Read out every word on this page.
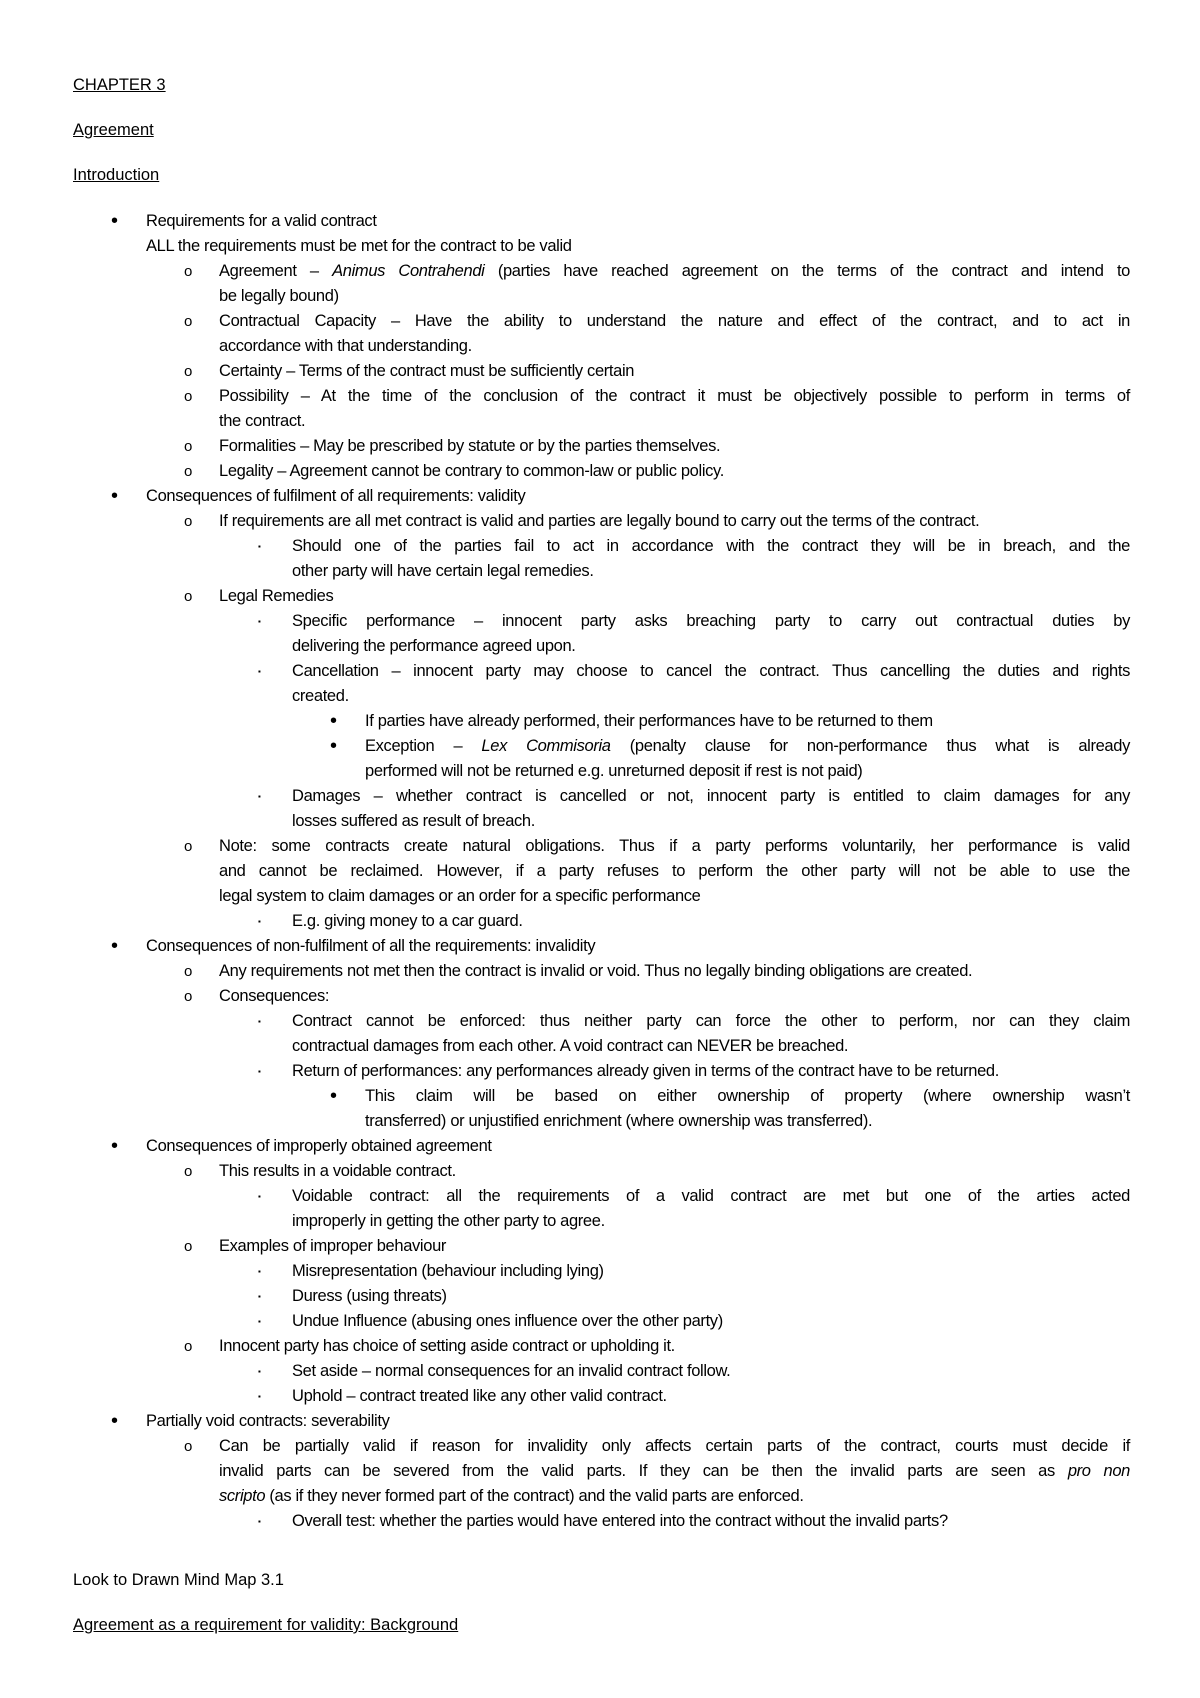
CHAPTER 3
Agreement
Introduction
• Requirements for a valid contract
ALL the requirements must be met for the contract to be valid
o Agreement – Animus Contrahendi (parties have reached agreement on the terms of the contract and intend to
be legally bound)
o Contractual Capacity – Have the ability to understand the nature and effect of the contract, and to act in
accordance with that understanding.
o Certainty – Terms of the contract must be sufficiently certain
o Possibility – At the time of the conclusion of the contract it must be objectively possible to perform in terms of
the contract.
o Formalities – May be prescribed by statute or by the parties themselves.
o Legality – Agreement cannot be contrary to common-law or public policy.
• Consequences of fulfilment of all requirements: validity
o If requirements are all met contract is valid and parties are legally bound to carry out the terms of the contract.
▪ Should one of the parties fail to act in accordance with the contract they will be in breach, and the
other party will have certain legal remedies.
o Legal Remedies
▪ Specific performance – innocent party asks breaching party to carry out contractual duties by
delivering the performance agreed upon.
▪ Cancellation – innocent party may choose to cancel the contract. Thus cancelling the duties and rights
created.
• If parties have already performed, their performances have to be returned to them
• Exception – Lex Commisoria (penalty clause for non-performance thus what is already
performed will not be returned e.g. unreturned deposit if rest is not paid)
▪ Damages – whether contract is cancelled or not, innocent party is entitled to claim damages for any
losses suffered as result of breach.
o Note: some contracts create natural obligations. Thus if a party performs voluntarily, her performance is valid
and cannot be reclaimed. However, if a party refuses to perform the other party will not be able to use the
legal system to claim damages or an order for a specific performance
▪ E.g. giving money to a car guard.
• Consequences of non-fulfilment of all the requirements: invalidity
o Any requirements not met then the contract is invalid or void. Thus no legally binding obligations are created.
o Consequences:
▪ Contract cannot be enforced: thus neither party can force the other to perform, nor can they claim
contractual damages from each other. A void contract can NEVER be breached.
▪ Return of performances: any performances already given in terms of the contract have to be returned.
• This claim will be based on either ownership of property (where ownership wasn’t
transferred) or unjustified enrichment (where ownership was transferred).
• Consequences of improperly obtained agreement
o This results in a voidable contract.
▪ Voidable contract: all the requirements of a valid contract are met but one of the arties acted
improperly in getting the other party to agree.
o Examples of improper behaviour
▪ Misrepresentation (behaviour including lying)
▪ Duress (using threats)
▪ Undue Influence (abusing ones influence over the other party)
o Innocent party has choice of setting aside contract or upholding it.
▪ Set aside – normal consequences for an invalid contract follow.
▪ Uphold – contract treated like any other valid contract.
• Partially void contracts: severability
o Can be partially valid if reason for invalidity only affects certain parts of the contract, courts must decide if
invalid parts can be severed from the valid parts. If they can be then the invalid parts are seen as pro non
scripto (as if they never formed part of the contract) and the valid parts are enforced.
▪ Overall test: whether the parties would have entered into the contract without the invalid parts?
Look to Drawn Mind Map 3.1
Agreement as a requirement for validity: Background
